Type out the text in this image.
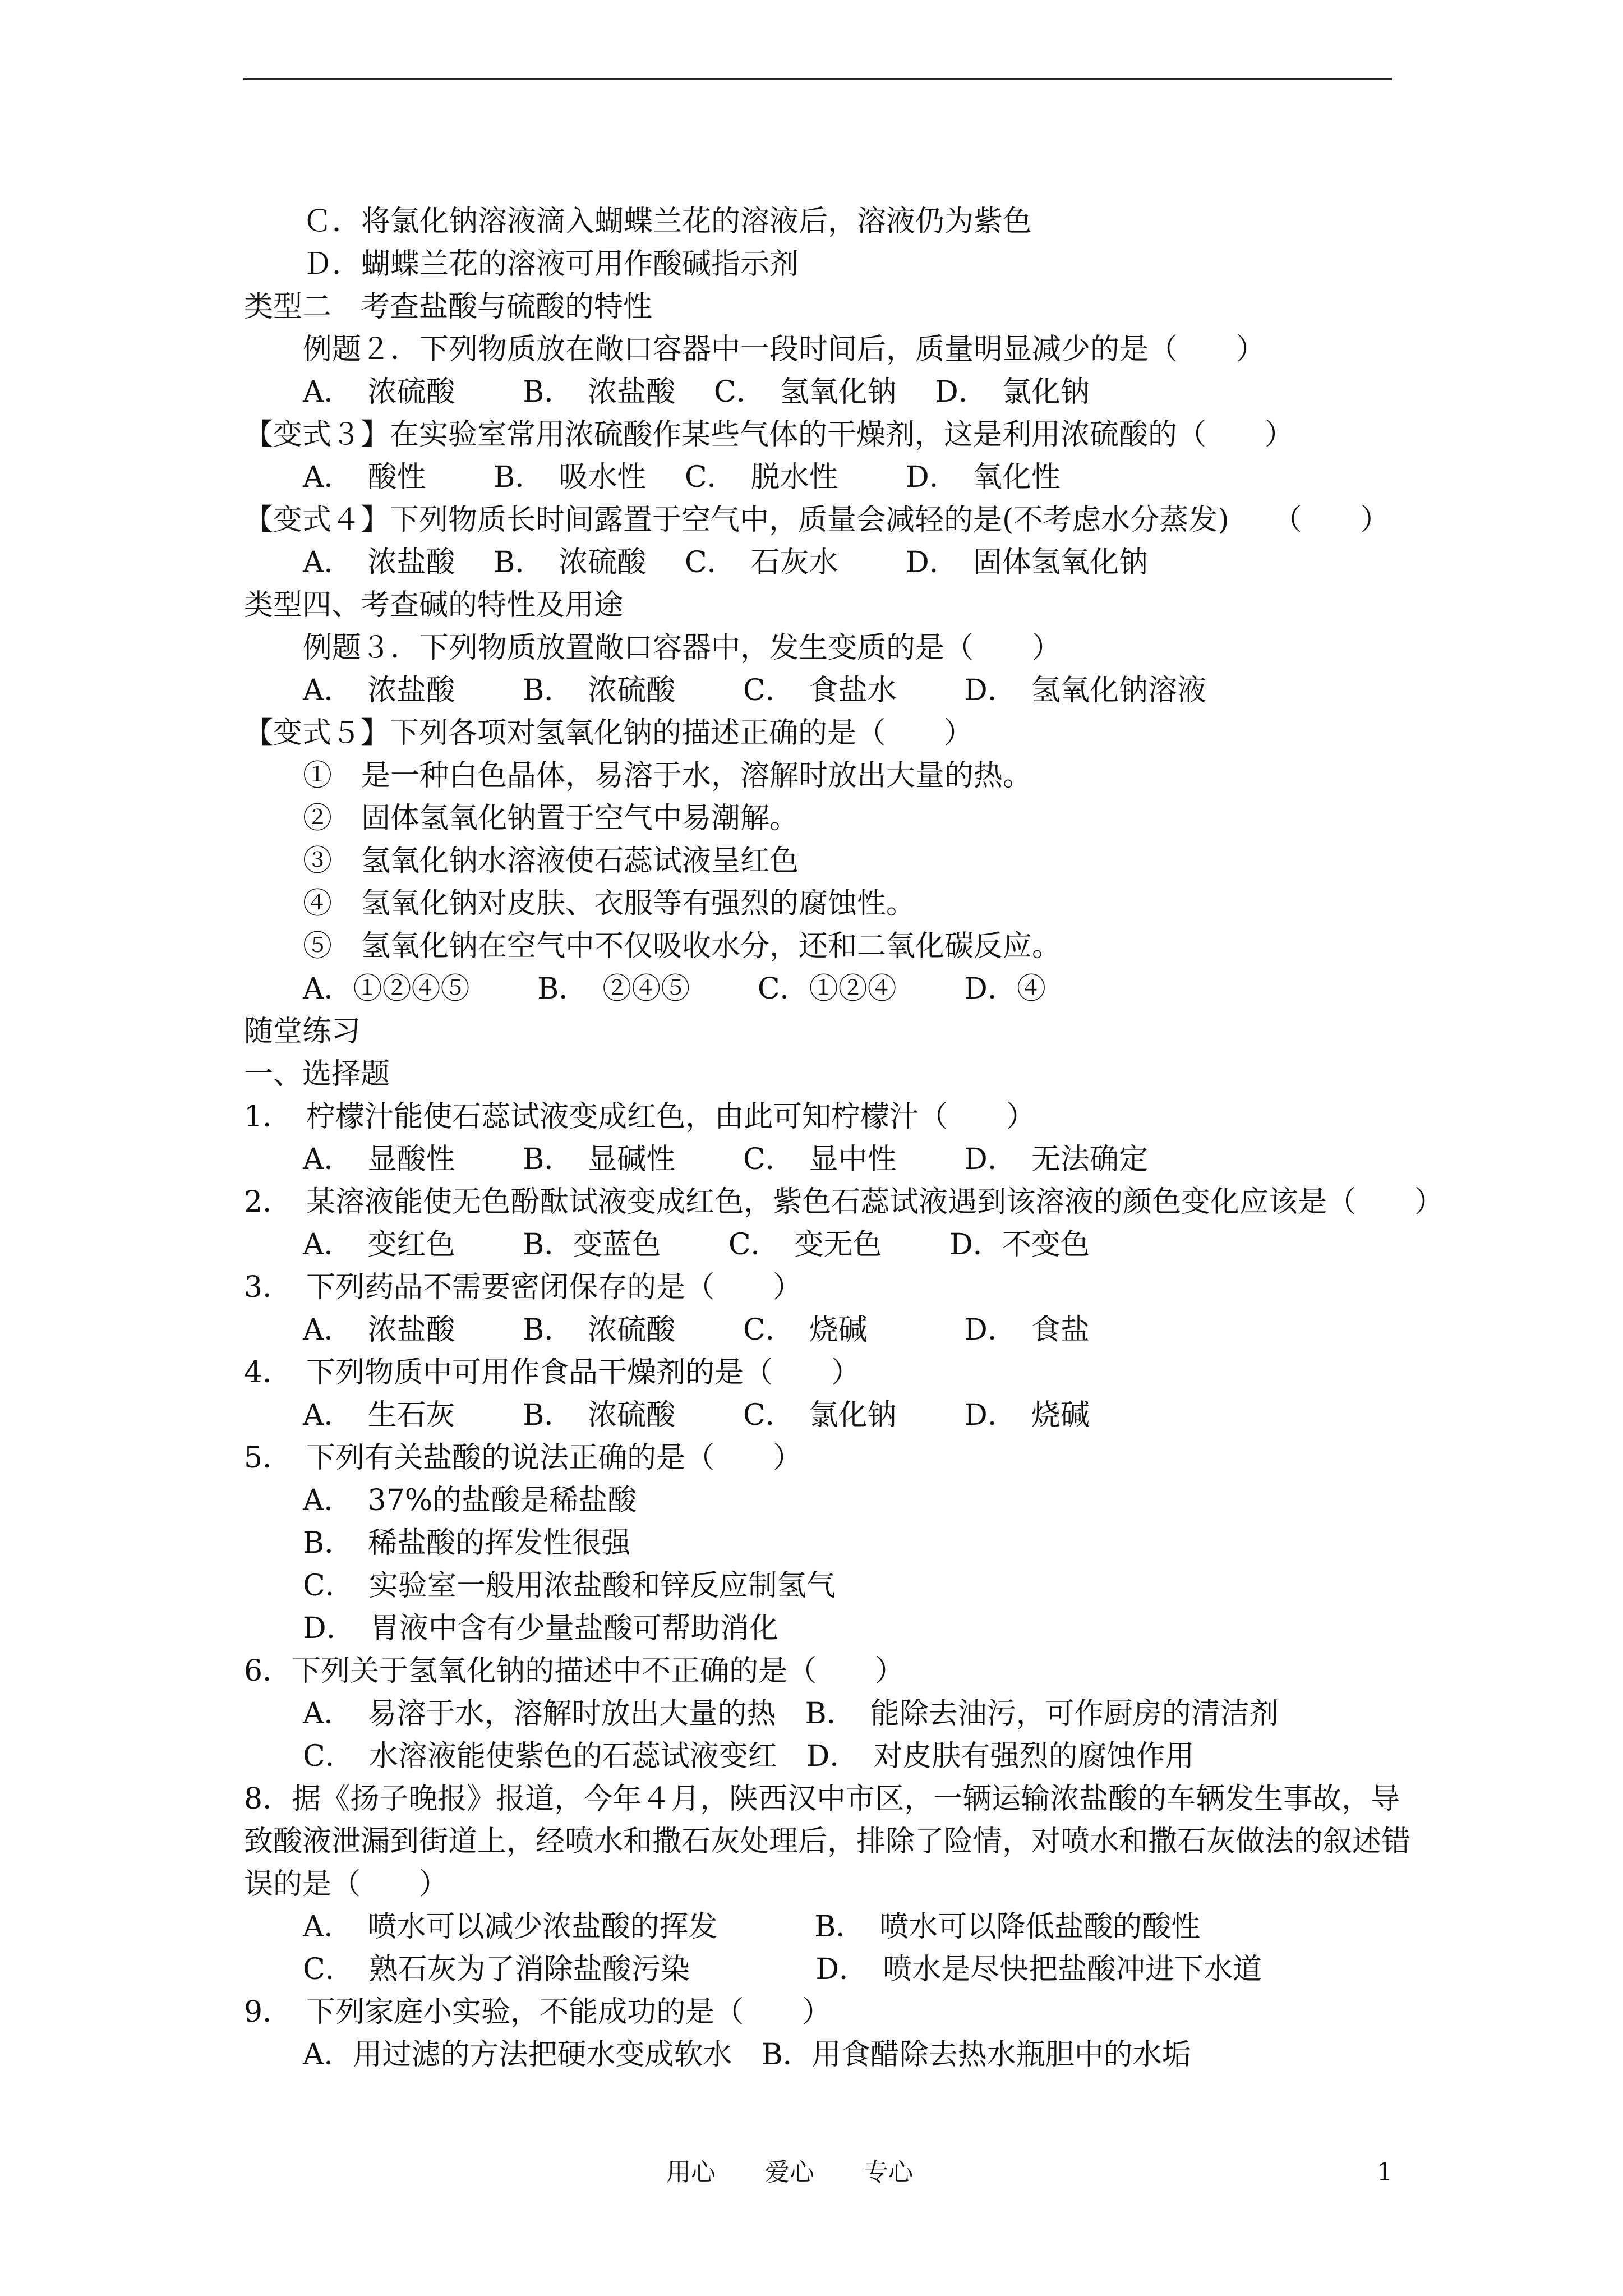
Ｃ．将氯化钠溶液滴入蝴蝶兰花的溶液后，溶液仍为紫色
Ｄ．蝴蝶兰花的溶液可用作酸碱指示剂
类型二　考查盐酸与硫酸的特性
例题２．下列物质放在敞口容器中一段时间后，质量明显减少的是（　　）
A．　浓硫酸　　 B．　浓盐酸　 C．　氢氧化钠　 D．　氯化钠
【变式３】在实验室常用浓硫酸作某些气体的干燥剂，这是利用浓硫酸的（　　）
A．　酸性　　 B．　吸水性　 C．　脱水性　　 D．　氧化性
【变式４】下列物质长时间露置于空气中，质量会减轻的是(不考虑水分蒸发)　　（　　）
A．　浓盐酸　 B．　浓硫酸　 C．　石灰水　　 D．　固体氢氧化钠
类型四、考查碱的特性及用途
例题３．下列物质放置敞口容器中，发生变质的是（　　）
A．　浓盐酸　　 B．　浓硫酸　　 C．　食盐水　　 D．　氢氧化钠溶液
【变式５】下列各项对氢氧化钠的描述正确的是（　　）
①　是一种白色晶体，易溶于水，溶解时放出大量的热。
②　固体氢氧化钠置于空气中易潮解。
③　氢氧化钠水溶液使石蕊试液呈红色
④　氢氧化钠对皮肤、衣服等有强烈的腐蚀性。
⑤　氢氧化钠在空气中不仅吸收水分，还和二氧化碳反应。
A．①②④⑤　　 B．　②④⑤　　 C．①②④　　 D．④
随堂练习
一、选择题
1．　柠檬汁能使石蕊试液变成红色，由此可知柠檬汁（　　）
A．　显酸性　　 B．　显碱性　　 C．　显中性　　 D．　无法确定
2．　某溶液能使无色酚酞试液变成红色，紫色石蕊试液遇到该溶液的颜色变化应该是（　　）
A．　变红色　　 B．变蓝色　　 C．　变无色　　 D．不变色
3．　下列药品不需要密闭保存的是（　　）
A．　浓盐酸　　 B．　浓硫酸　　 C．　烧碱　　　 D．　食盐
4．　下列物质中可用作食品干燥剂的是（　　）
A．　生石灰　　 B．　浓硫酸　　 C．　氯化钠　　 D．　烧碱
5．　下列有关盐酸的说法正确的是（　　）
A．　37%的盐酸是稀盐酸
B．　稀盐酸的挥发性很强
C．　实验室一般用浓盐酸和锌反应制氢气
D．　胃液中含有少量盐酸可帮助消化
6．下列关于氢氧化钠的描述中不正确的是（　　）
A．　易溶于水，溶解时放出大量的热　B．　能除去油污，可作厨房的清洁剂
C．　水溶液能使紫色的石蕊试液变红　D．　对皮肤有强烈的腐蚀作用
8．据《扬子晚报》报道，今年４月，陕西汉中市区，一辆运输浓盐酸的车辆发生事故，导
致酸液泄漏到街道上，经喷水和撒石灰处理后，排除了险情，对喷水和撒石灰做法的叙述错
误的是（　　）
A．　喷水可以减少浓盐酸的挥发　　　 B．　喷水可以降低盐酸的酸性
C．　熟石灰为了消除盐酸污染　　　　 D．　喷水是尽快把盐酸冲进下水道
9．　下列家庭小实验，不能成功的是（　　）
A．用过滤的方法把硬水变成软水　B．用食醋除去热水瓶胆中的水垢
用心　　爱心　　专心	1
